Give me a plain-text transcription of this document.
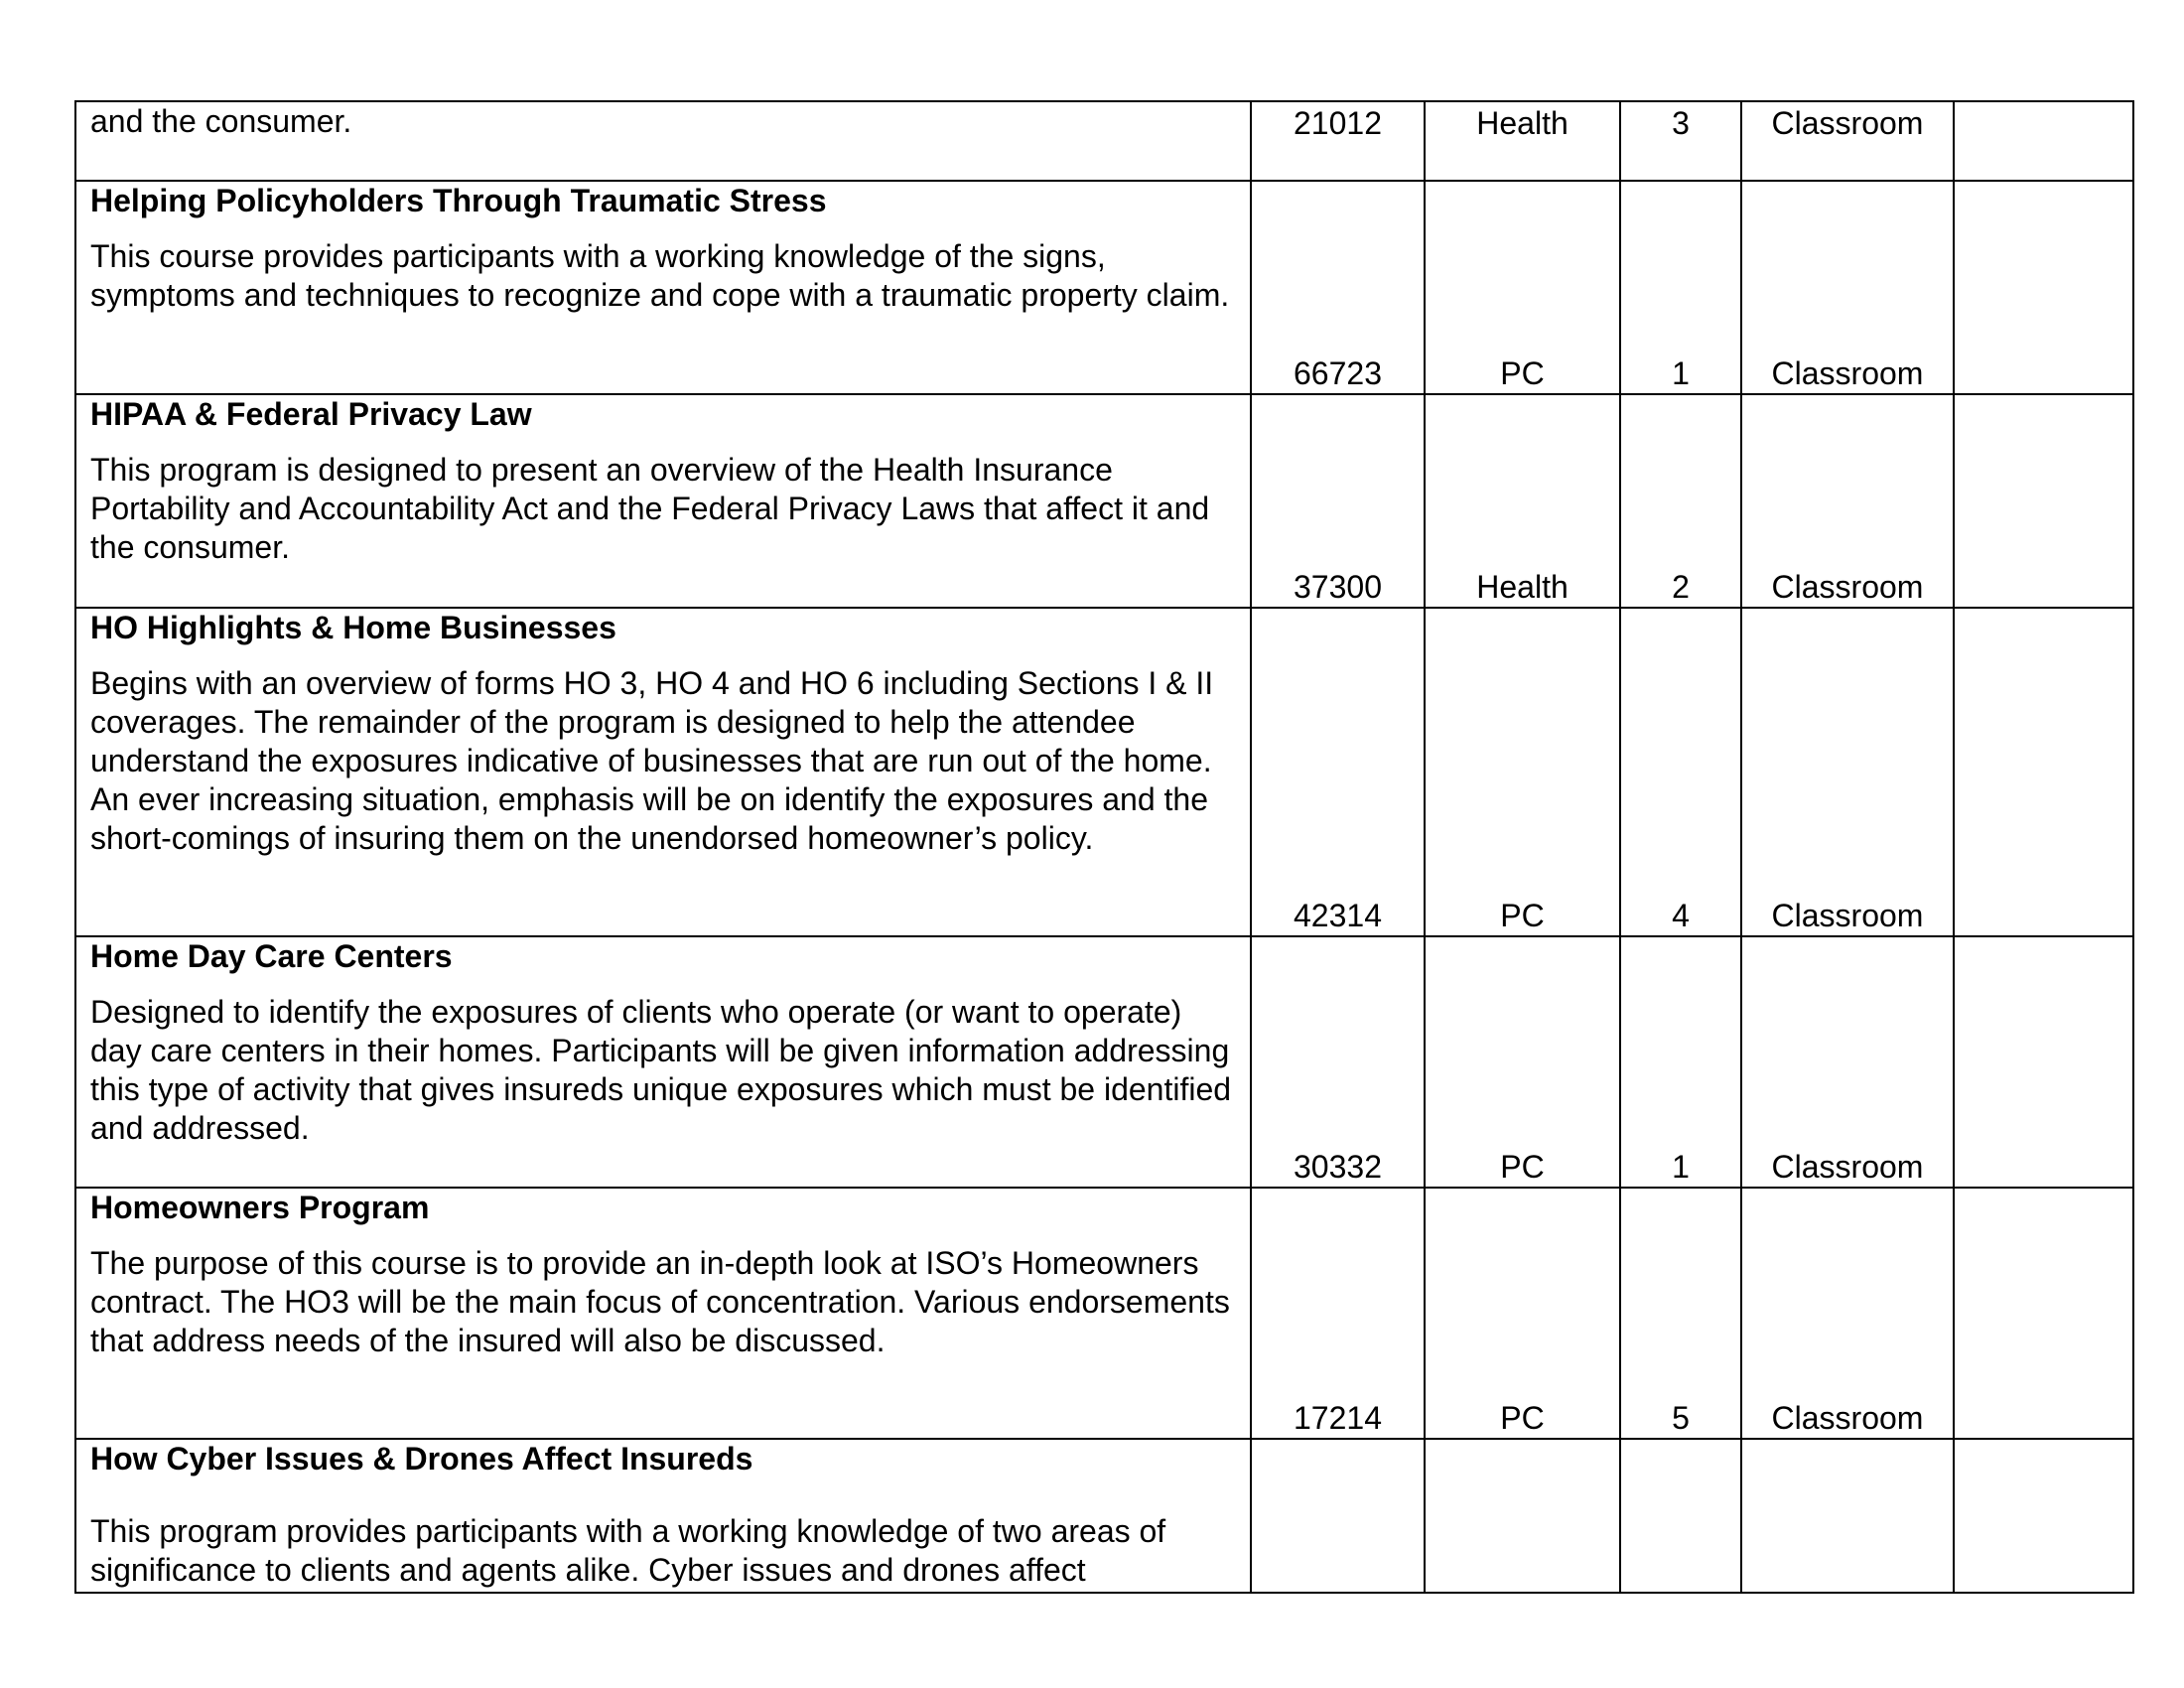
and the consumer.	21012	Health	3	Classroom	

Helping Policyholders Through Traumatic Stress

This course provides participants with a working knowledge of the signs, symptoms and techniques to recognize and cope with a traumatic property claim.	66723	PC	1	Classroom	

HIPAA & Federal Privacy Law

This program is designed to present an overview of the Health Insurance Portability and Accountability Act and the Federal Privacy Laws that affect it and the consumer.	37300	Health	2	Classroom	

HO Highlights & Home Businesses

Begins with an overview of forms HO 3, HO 4 and HO 6 including Sections I & II coverages. The remainder of the program is designed to help the attendee understand the exposures indicative of businesses that are run out of the home. An ever increasing situation, emphasis will be on identify the exposures and the short-comings of insuring them on the unendorsed homeowner’s policy.	42314	PC	4	Classroom	

Home Day Care Centers

Designed to identify the exposures of clients who operate (or want to operate) day care centers in their homes. Participants will be given information addressing this type of activity that gives insureds unique exposures which must be identified and addressed.	30332	PC	1	Classroom	

Homeowners Program

The purpose of this course is to provide an in-depth look at ISO’s Homeowners contract. The HO3 will be the main focus of concentration. Various endorsements that address needs of the insured will also be discussed.	17214	PC	5	Classroom	

How Cyber Issues & Drones Affect Insureds

This program provides participants with a working knowledge of two areas of significance to clients and agents alike. Cyber issues and drones affect					
